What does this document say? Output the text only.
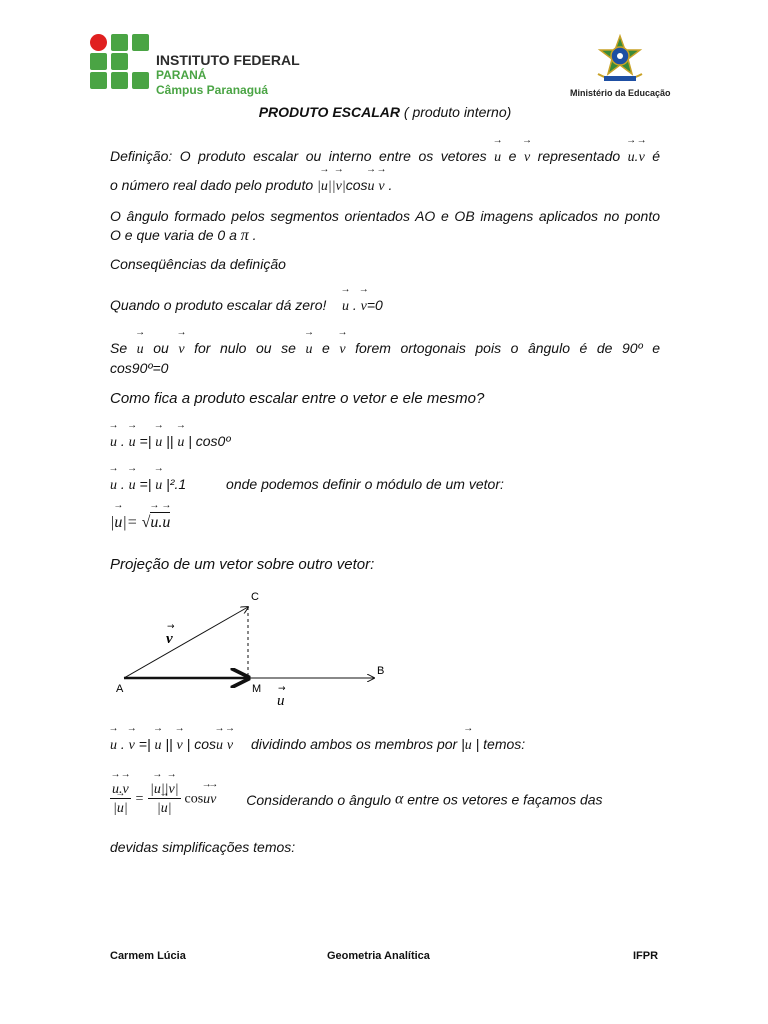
INSTITUTO FEDERAL
PARANÁ
Câmpus Paranaguá	Ministério da Educação
PRODUTO ESCALAR ( produto interno)
Definição: O produto escalar ou interno entre os vetores → u e → v representado → u.→ v é
o número real dado pelo produto |→ u||→ v|cos→ u → v .
O ângulo formado pelos segmentos orientados AO e OB imagens aplicados no ponto
O e que varia de 0 a π .
Conseqüências da definição
Quando o produto escalar dá zero! → u . → v=0
Se → u ou → v for nulo ou se → u e → v forem ortogonais pois o ângulo é de 90º e
cos90º=0
Como fica a produto escalar entre o vetor e ele mesmo?
→ u . → u =| → u || → u | cos0º
→ u . → u =| → u |².1	onde podemos definir o módulo de um vetor:
|→ u|= √→ u.→ u
Projeção de um vetor sobre outro vetor:
A
B
C
M
v
→
u
→
→ u . → v =| → u || → v | cos→ u → v dividindo ambos os membros por |→ u | temos:
→ $\frac{u.\to v}{|\to u|} = \frac{|\to u||\to v|}{|\to u|} \cos\to u\to v$ Considerando o ângulo α entre os vetores e façamos das
devidas simplificações temos:
Carmem Lúcia	Geometria Analítica	IFPR
